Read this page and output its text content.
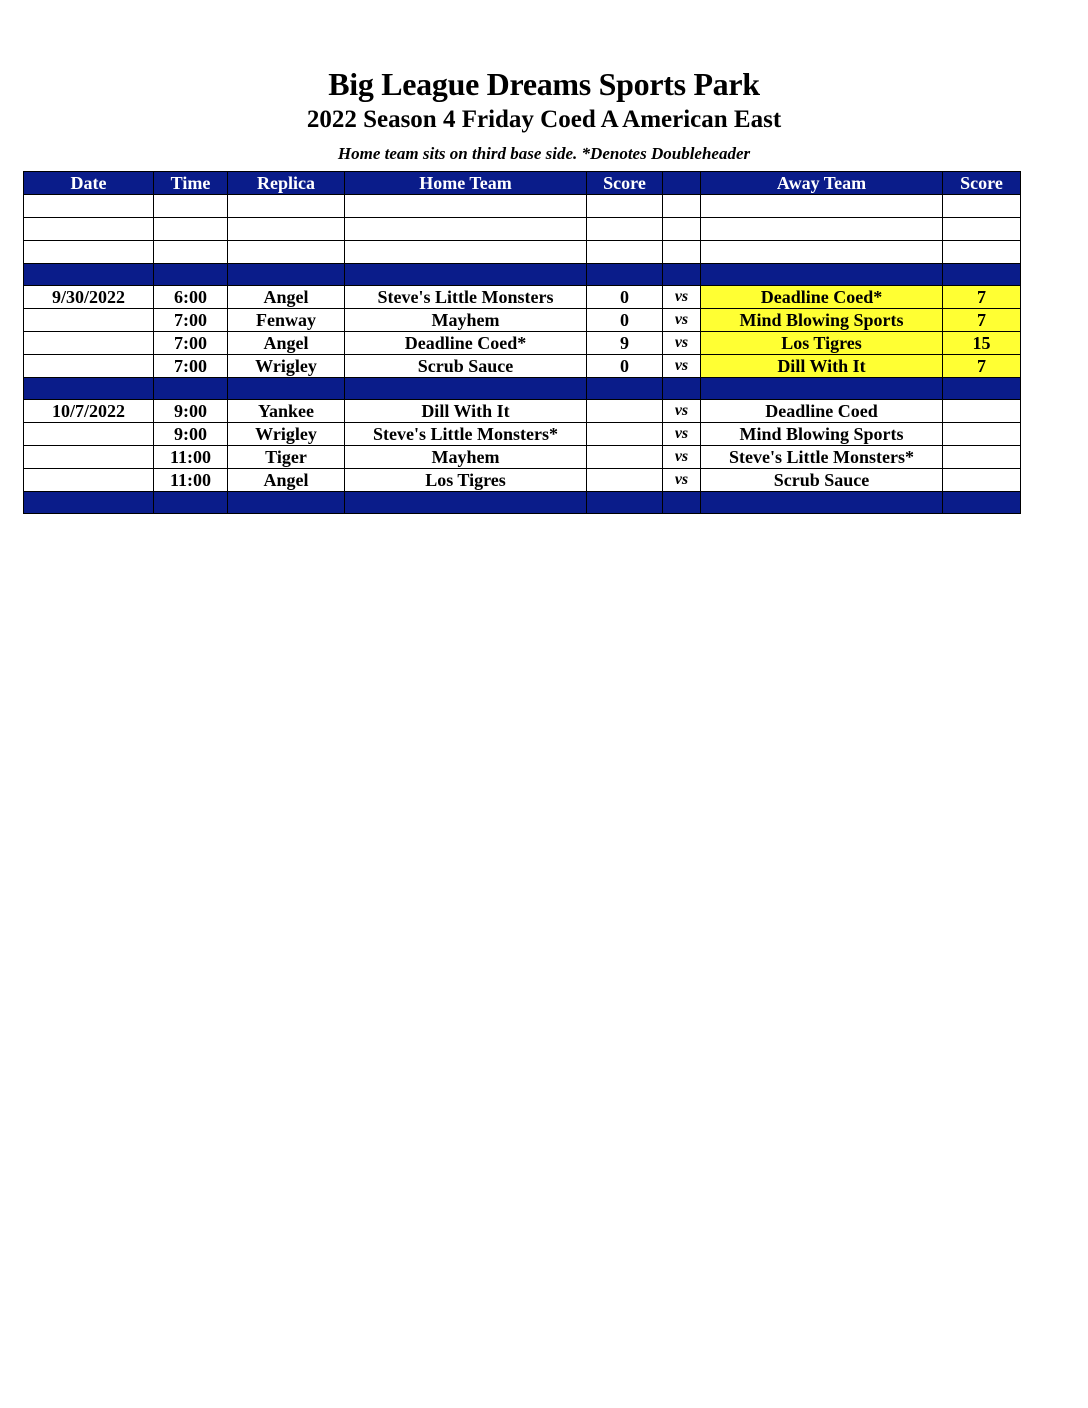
Big League Dreams Sports Park
2022 Season 4 Friday Coed A American East
Home team sits on third base side. *Denotes Doubleheader
Date	Time	Replica	Home Team	Score		Away Team	Score

9/30/2022	6:00	Angel	Steve's Little Monsters	0	vs	Deadline Coed*	7
	7:00	Fenway	Mayhem	0	vs	Mind Blowing Sports	7
	7:00	Angel	Deadline Coed*	9	vs	Los Tigres	15
	7:00	Wrigley	Scrub Sauce	0	vs	Dill With It	7

10/7/2022	9:00	Yankee	Dill With It		vs	Deadline Coed	
	9:00	Wrigley	Steve's Little Monsters*		vs	Mind Blowing Sports	
	11:00	Tiger	Mayhem		vs	Steve's Little Monsters*	
	11:00	Angel	Los Tigres		vs	Scrub Sauce	
